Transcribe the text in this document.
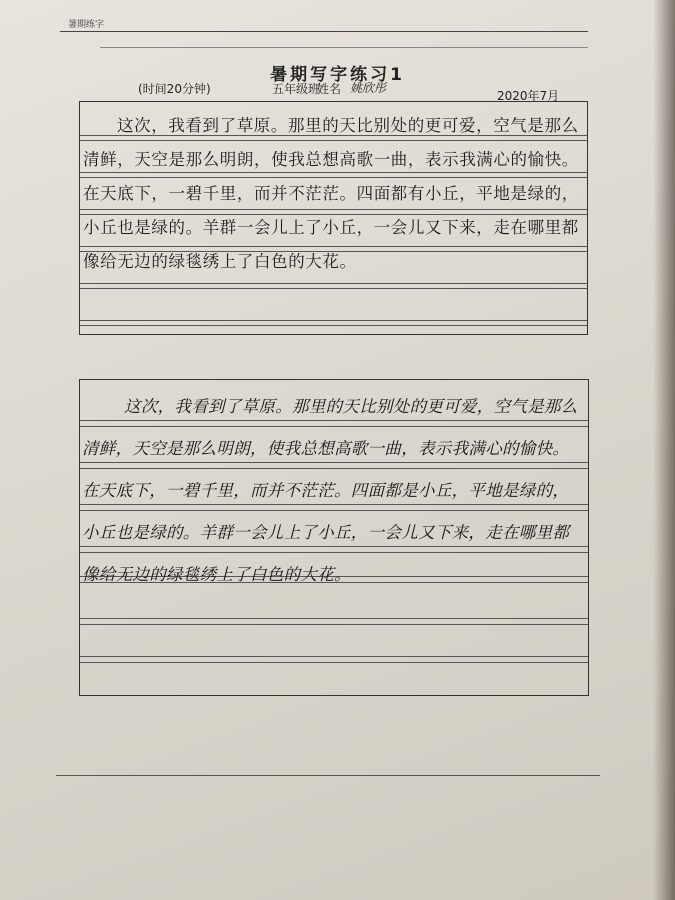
暑期练字
暑期写字练习1
(时间20分钟)	五年级班
姓名 姚欣彤
2020年7月
这次，我看到了草原。那里的天比别处的更可爱，空气是那么清鲜，天空是那么明朗，使我总想高歌一曲，表示我满心的愉快。在天底下，一碧千里，而并不茫茫。四面都有小丘，平地是绿的，小丘也是绿的。羊群一会儿上了小丘，一会儿又下来，走在哪里都像给无边的绿毯绣上了白色的大花。
这次，我看到了草原。那里的天比别处的更可爱，空气是那么清鲜，天空是那么明朗，使我总想高歌一曲，表示我满心的愉快。在天底下，一碧千里，而并不茫茫。四面都是小丘，平地是绿的，小丘也是绿的。羊群一会儿上了小丘，一会儿又下来，走在哪里都像给无边的绿毯绣上了白色的大花。
